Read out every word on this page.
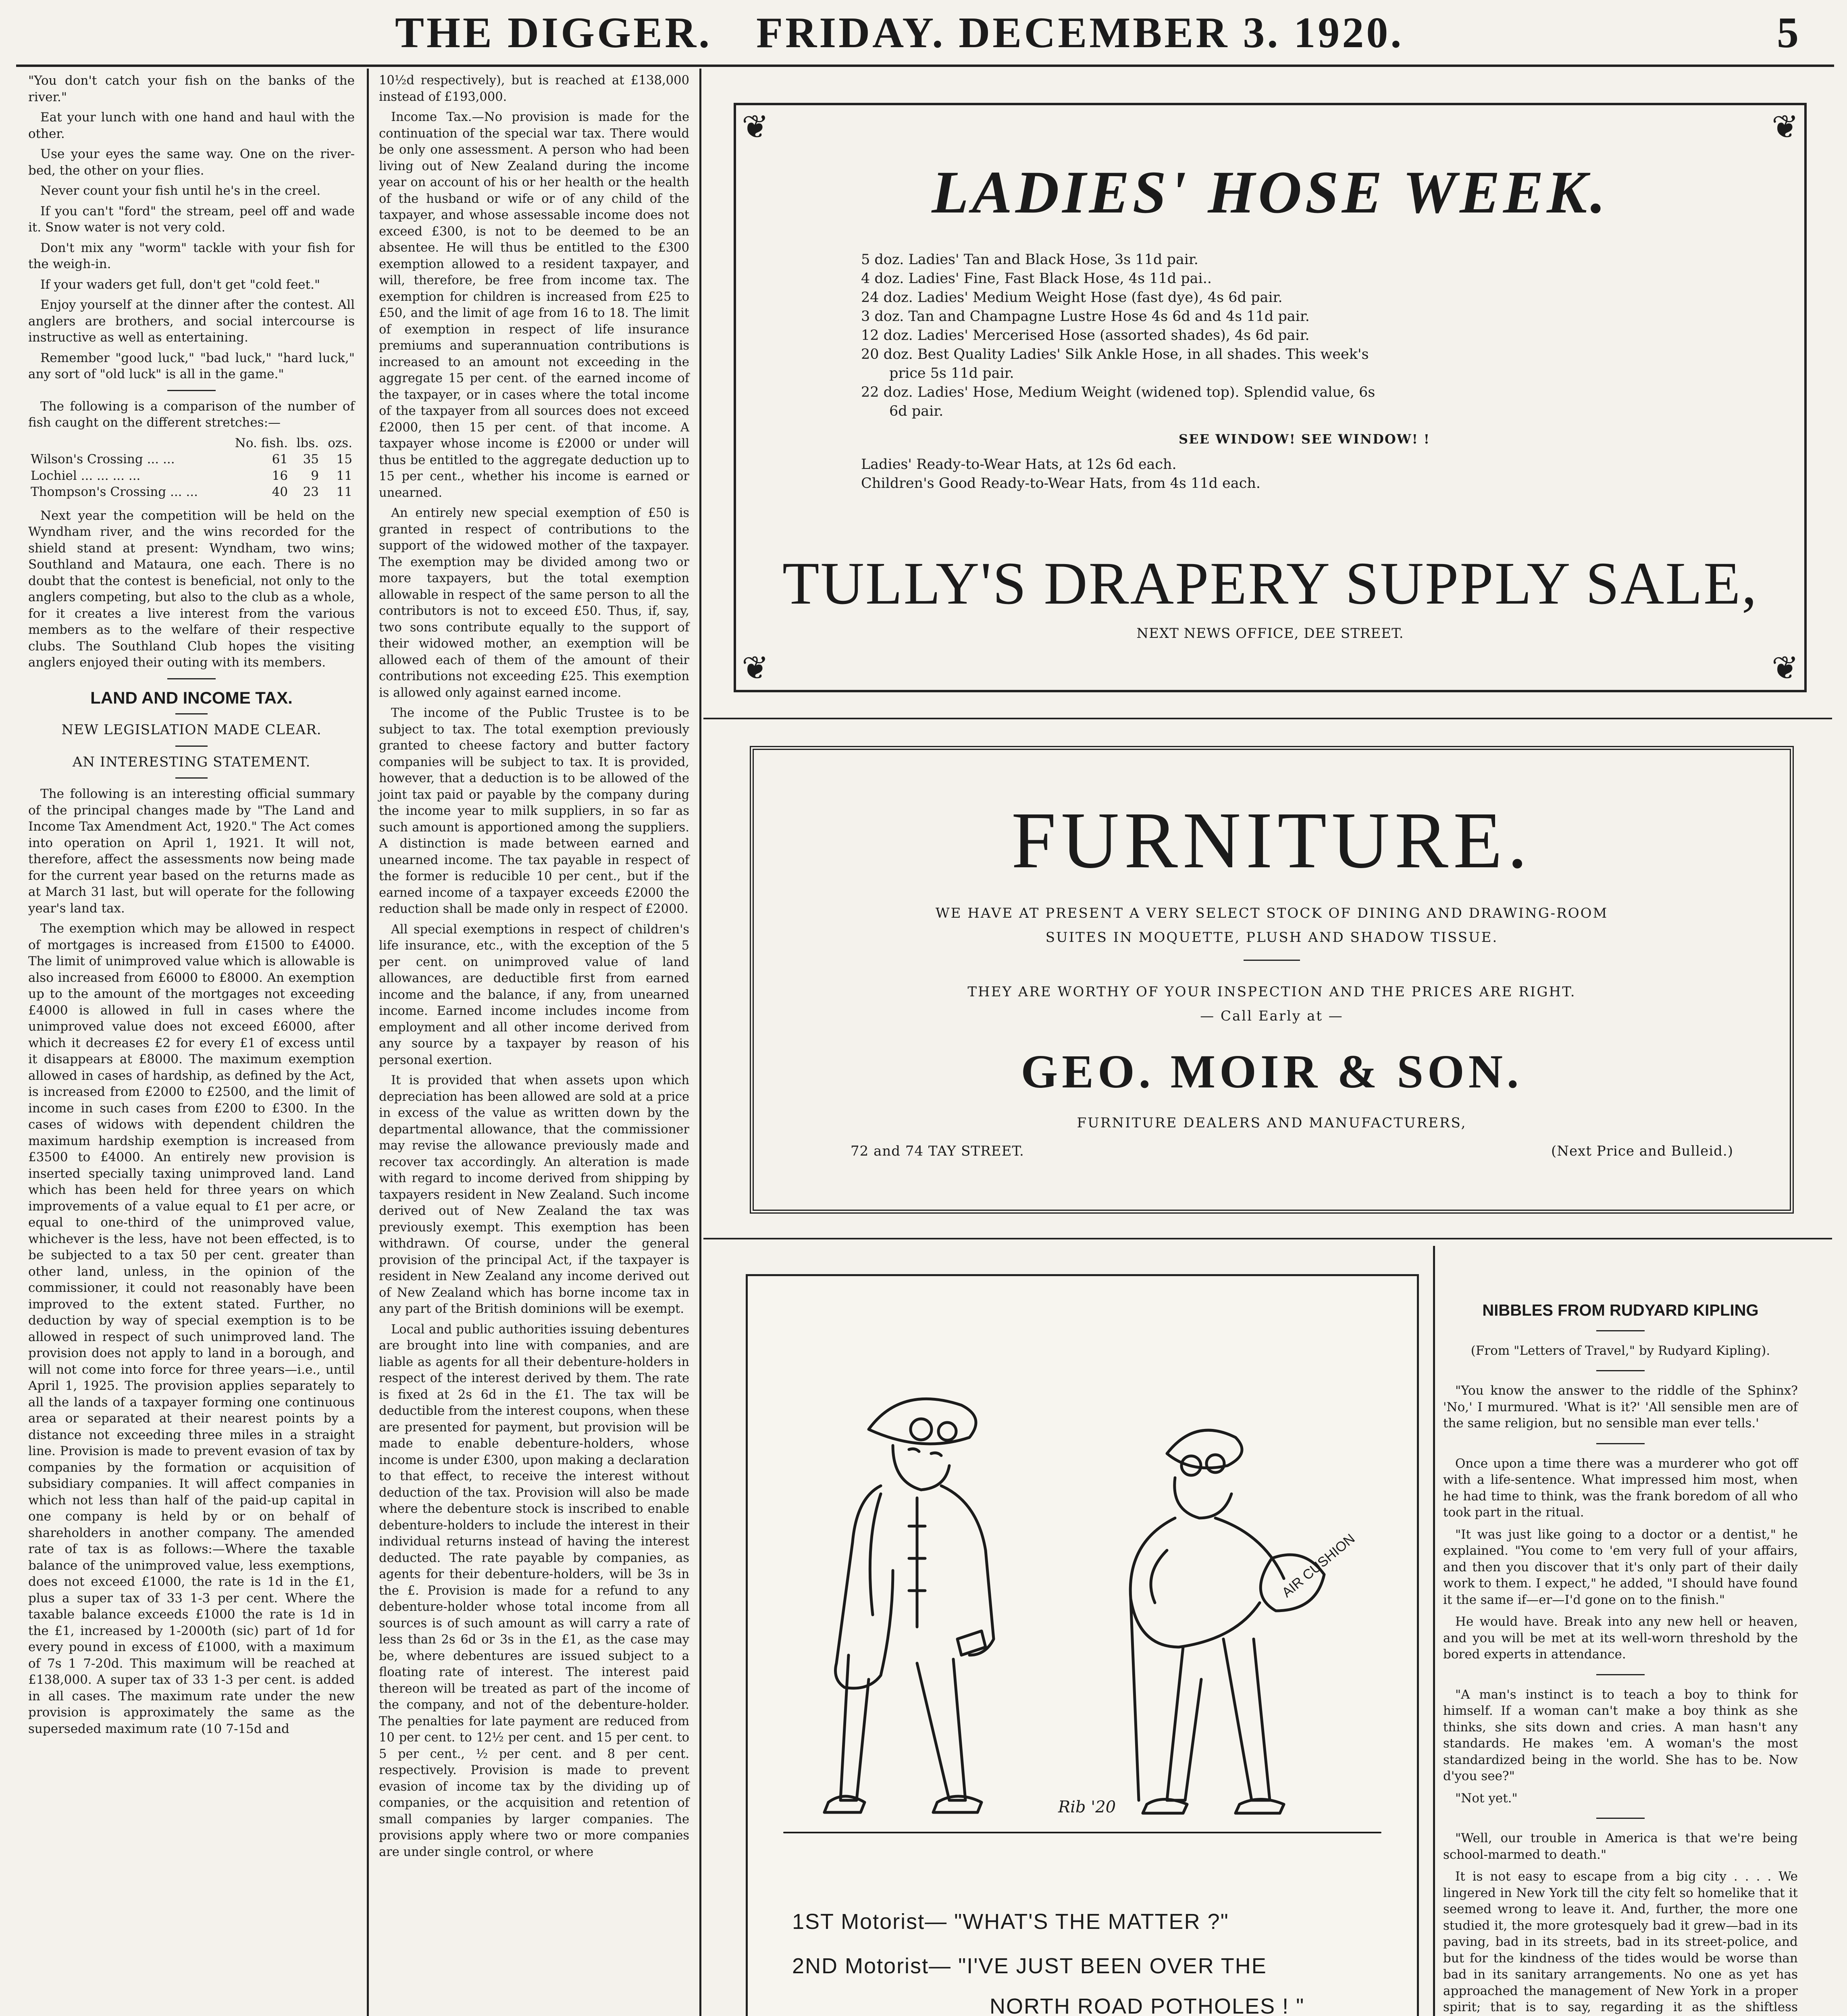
THE DIGGER. FRIDAY. DECEMBER 3. 1920.	5

"You don't catch your fish on the banks of the river."

Eat your lunch with one hand and haul with the other.

Use your eyes the same way. One on the river-bed, the other on your flies.

Never count your fish until he's in the creel.

If you can't "ford" the stream, peel off and wade it. Snow water is not very cold.

Don't mix any "worm" tackle with your fish for the weigh-in.

If your waders get full, don't get "cold feet."

Enjoy yourself at the dinner after the contest. All anglers are brothers, and social intercourse is instructive as well as entertaining.

Remember "good luck," "bad luck," "hard luck," any sort of "old luck" is all in the game."

The following is a comparison of the number of fish caught on the different stretches:—

	No. fish.	lbs.	ozs.
Wilson's Crossing ... ...	61	35	15
Lochiel ... ... ... ...	16	9	11
Thompson's Crossing ... ...	40	23	11

Next year the competition will be held on the Wyndham river, and the wins recorded for the shield stand at present: Wyndham, two wins; Southland and Mataura, one each. There is no doubt that the contest is beneficial, not only to the anglers competing, but also to the club as a whole, for it creates a live interest from the various members as to the welfare of their respective clubs. The Southland Club hopes the visiting anglers enjoyed their outing with its members.

LAND AND INCOME TAX.
NEW LEGISLATION MADE CLEAR.
AN INTERESTING STATEMENT.

The following is an interesting official summary of the principal changes made by "The Land and Income Tax Amendment Act, 1920." The Act comes into operation on April 1, 1921. It will not, therefore, affect the assessments now being made for the current year based on the returns made as at March 31 last, but will operate for the following year's land tax.

The exemption which may be allowed in respect of mortgages is increased from £1500 to £4000. The limit of unimproved value which is allowable is also increased from £6000 to £8000. An exemption up to the amount of the mortgages not exceeding £4000 is allowed in full in cases where the unimproved value does not exceed £6000, after which it decreases £2 for every £1 of excess until it disappears at £8000. The maximum exemption allowed in cases of hardship, as defined by the Act, is increased from £2000 to £2500, and the limit of income in such cases from £200 to £300. In the cases of widows with dependent children the maximum hardship exemption is increased from £3500 to £4000. An entirely new provision is inserted specially taxing unimproved land. Land which has been held for three years on which improvements of a value equal to £1 per acre, or equal to one-third of the unimproved value, whichever is the less, have not been effected, is to be subjected to a tax 50 per cent. greater than other land, unless, in the opinion of the commissioner, it could not reasonably have been improved to the extent stated. Further, no deduction by way of special exemption is to be allowed in respect of such unimproved land. The provision does not apply to land in a borough, and will not come into force for three years—i.e., until April 1, 1925. The provision applies separately to all the lands of a taxpayer forming one continuous area or separated at their nearest points by a distance not exceeding three miles in a straight line. Provision is made to prevent evasion of tax by companies by the formation or acquisition of subsidiary companies. It will affect companies in which not less than half of the paid-up capital in one company is held by or on behalf of shareholders in another company. The amended rate of tax is as follows:—Where the taxable balance of the unimproved value, less exemptions, does not exceed £1000, the rate is 1d in the £1, plus a super tax of 33 1-3 per cent. Where the taxable balance exceeds £1000 the rate is 1d in the £1, increased by 1-2000th (sic) part of 1d for every pound in excess of £1000, with a maximum of 7s 1 7-20d. This maximum will be reached at £138,000. A super tax of 33 1-3 per cent. is added in all cases. The maximum rate under the new provision is approximately the same as the superseded maximum rate (10 7-15d and

10½d respectively), but is reached at £138,000 instead of £193,000.

Income Tax.—No provision is made for the continuation of the special war tax. There would be only one assessment. A person who had been living out of New Zealand during the income year on account of his or her health or the health of the husband or wife or of any child of the taxpayer, and whose assessable income does not exceed £300, is not to be deemed to be an absentee. He will thus be entitled to the £300 exemption allowed to a resident taxpayer, and will, therefore, be free from income tax. The exemption for children is increased from £25 to £50, and the limit of age from 16 to 18. The limit of exemption in respect of life insurance premiums and superannuation contributions is increased to an amount not exceeding in the aggregate 15 per cent. of the earned income of the taxpayer, or in cases where the total income of the taxpayer from all sources does not exceed £2000, then 15 per cent. of that income. A taxpayer whose income is £2000 or under will thus be entitled to the aggregate deduction up to 15 per cent., whether his income is earned or unearned.

An entirely new special exemption of £50 is granted in respect of contributions to the support of the widowed mother of the taxpayer. The exemption may be divided among two or more taxpayers, but the total exemption allowable in respect of the same person to all the contributors is not to exceed £50. Thus, if, say, two sons contribute equally to the support of their widowed mother, an exemption will be allowed each of them of the amount of their contributions not exceeding £25. This exemption is allowed only against earned income.

The income of the Public Trustee is to be subject to tax. The total exemption previously granted to cheese factory and butter factory companies will be subject to tax. It is provided, however, that a deduction is to be allowed of the joint tax paid or payable by the company during the income year to milk suppliers, in so far as such amount is apportioned among the suppliers. A distinction is made between earned and unearned income. The tax payable in respect of the former is reducible 10 per cent., but if the earned income of a taxpayer exceeds £2000 the reduction shall be made only in respect of £2000.

All special exemptions in respect of children's life insurance, etc., with the exception of the 5 per cent. on unimproved value of land allowances, are deductible first from earned income and the balance, if any, from unearned income. Earned income includes income from employment and all other income derived from any source by a taxpayer by reason of his personal exertion.

It is provided that when assets upon which depreciation has been allowed are sold at a price in excess of the value as written down by the departmental allowance, that the commissioner may revise the allowance previously made and recover tax accordingly. An alteration is made with regard to income derived from shipping by taxpayers resident in New Zealand. Such income derived out of New Zealand the tax was previously exempt. This exemption has been withdrawn. Of course, under the general provision of the principal Act, if the taxpayer is resident in New Zealand any income derived out of New Zealand which has borne income tax in any part of the British dominions will be exempt.

Local and public authorities issuing debentures are brought into line with companies, and are liable as agents for all their debenture-holders in respect of the interest derived by them. The rate is fixed at 2s 6d in the £1. The tax will be deductible from the interest coupons, when these are presented for payment, but provision will be made to enable debenture-holders, whose income is under £300, upon making a declaration to that effect, to receive the interest without deduction of the tax. Provision will also be made where the debenture stock is inscribed to enable debenture-holders to include the interest in their individual returns instead of having the interest deducted. The rate payable by companies, as agents for their debenture-holders, will be 3s in the £. Provision is made for a refund to any debenture-holder whose total income from all sources is of such amount as will carry a rate of less than 2s 6d or 3s in the £1, as the case may be, where debentures are issued subject to a floating rate of interest. The interest paid thereon will be treated as part of the income of the company, and not of the debenture-holder. The penalties for late payment are reduced from 10 per cent. to 12½ per cent. and 15 per cent. to 5 per cent., ½ per cent. and 8 per cent. respectively. Provision is made to prevent evasion of income tax by the dividing up of companies, or the acquisition and retention of small companies by larger companies. The provisions apply where two or more companies are under single control, or where

❦	❦
❦	❦
LADIES' HOSE WEEK.
5 doz. Ladies' Tan and Black Hose, 3s 11d pair.
4 doz. Ladies' Fine, Fast Black Hose, 4s 11d pai..
24 doz. Ladies' Medium Weight Hose (fast dye), 4s 6d pair.
3 doz. Tan and Champagne Lustre Hose 4s 6d and 4s 11d pair.
12 doz. Ladies' Mercerised Hose (assorted shades), 4s 6d pair.
20 doz. Best Quality Ladies' Silk Ankle Hose, in all shades. This week's
price 5s 11d pair.
22 doz. Ladies' Hose, Medium Weight (widened top). Splendid value, 6s
6d pair.
SEE WINDOW! SEE WINDOW! !
Ladies' Ready-to-Wear Hats, at 12s 6d each.
Children's Good Ready-to-Wear Hats, from 4s 11d each.
TULLY'S DRAPERY SUPPLY SALE,
NEXT NEWS OFFICE, DEE STREET.
FURNITURE.
WE HAVE AT PRESENT A VERY SELECT STOCK OF DINING AND DRAWING-ROOM
SUITES IN MOQUETTE, PLUSH AND SHADOW TISSUE.
THEY ARE WORTHY OF YOUR INSPECTION AND THE PRICES ARE RIGHT.
— Call Early at —
GEO. MOIR & SON.
FURNITURE DEALERS AND MANUFACTURERS,
72 and 74 TAY STREET.	(Next Price and Bulleid.)
AIR CUSHION
Rib '20
1ST Motorist— "WHAT'S THE MATTER ?"
2ND Motorist— "I'VE JUST BEEN OVER THE
NORTH ROAD POTHOLES ! "

NIBBLES FROM RUDYARD KIPLING

(From "Letters of Travel," by Rudyard Kipling).

"You know the answer to the riddle of the Sphinx? 'No,' I murmured. 'What is it?' 'All sensible men are of the same religion, but no sensible man ever tells.'

Once upon a time there was a murderer who got off with a life-sentence. What impressed him most, when he had time to think, was the frank boredom of all who took part in the ritual.

"It was just like going to a doctor or a dentist," he explained. "You come to 'em very full of your affairs, and then you discover that it's only part of their daily work to them. I expect," he added, "I should have found it the same if—er—I'd gone on to the finish."

He would have. Break into any new hell or heaven, and you will be met at its well-worn threshold by the bored experts in attendance.

"A man's instinct is to teach a boy to think for himself. If a woman can't make a boy think as she thinks, she sits down and cries. A man hasn't any standards. He makes 'em. A woman's the most standardized being in the world. She has to be. Now d'you see?"

"Not yet."

"Well, our trouble in America is that we're being school-marmed to death."

It is not easy to escape from a big city . . . . We lingered in New York till the city felt so homelike that it seemed wrong to leave it. And, further, the more one studied it, the more grotesquely bad it grew—bad in its paving, bad in its streets, bad in its street-police, and but for the kindness of the tides would be worse than bad in its sanitary arrangements. No one as yet has approached the management of New York in a proper spirit; that is to say, regarding it as the shiftless
